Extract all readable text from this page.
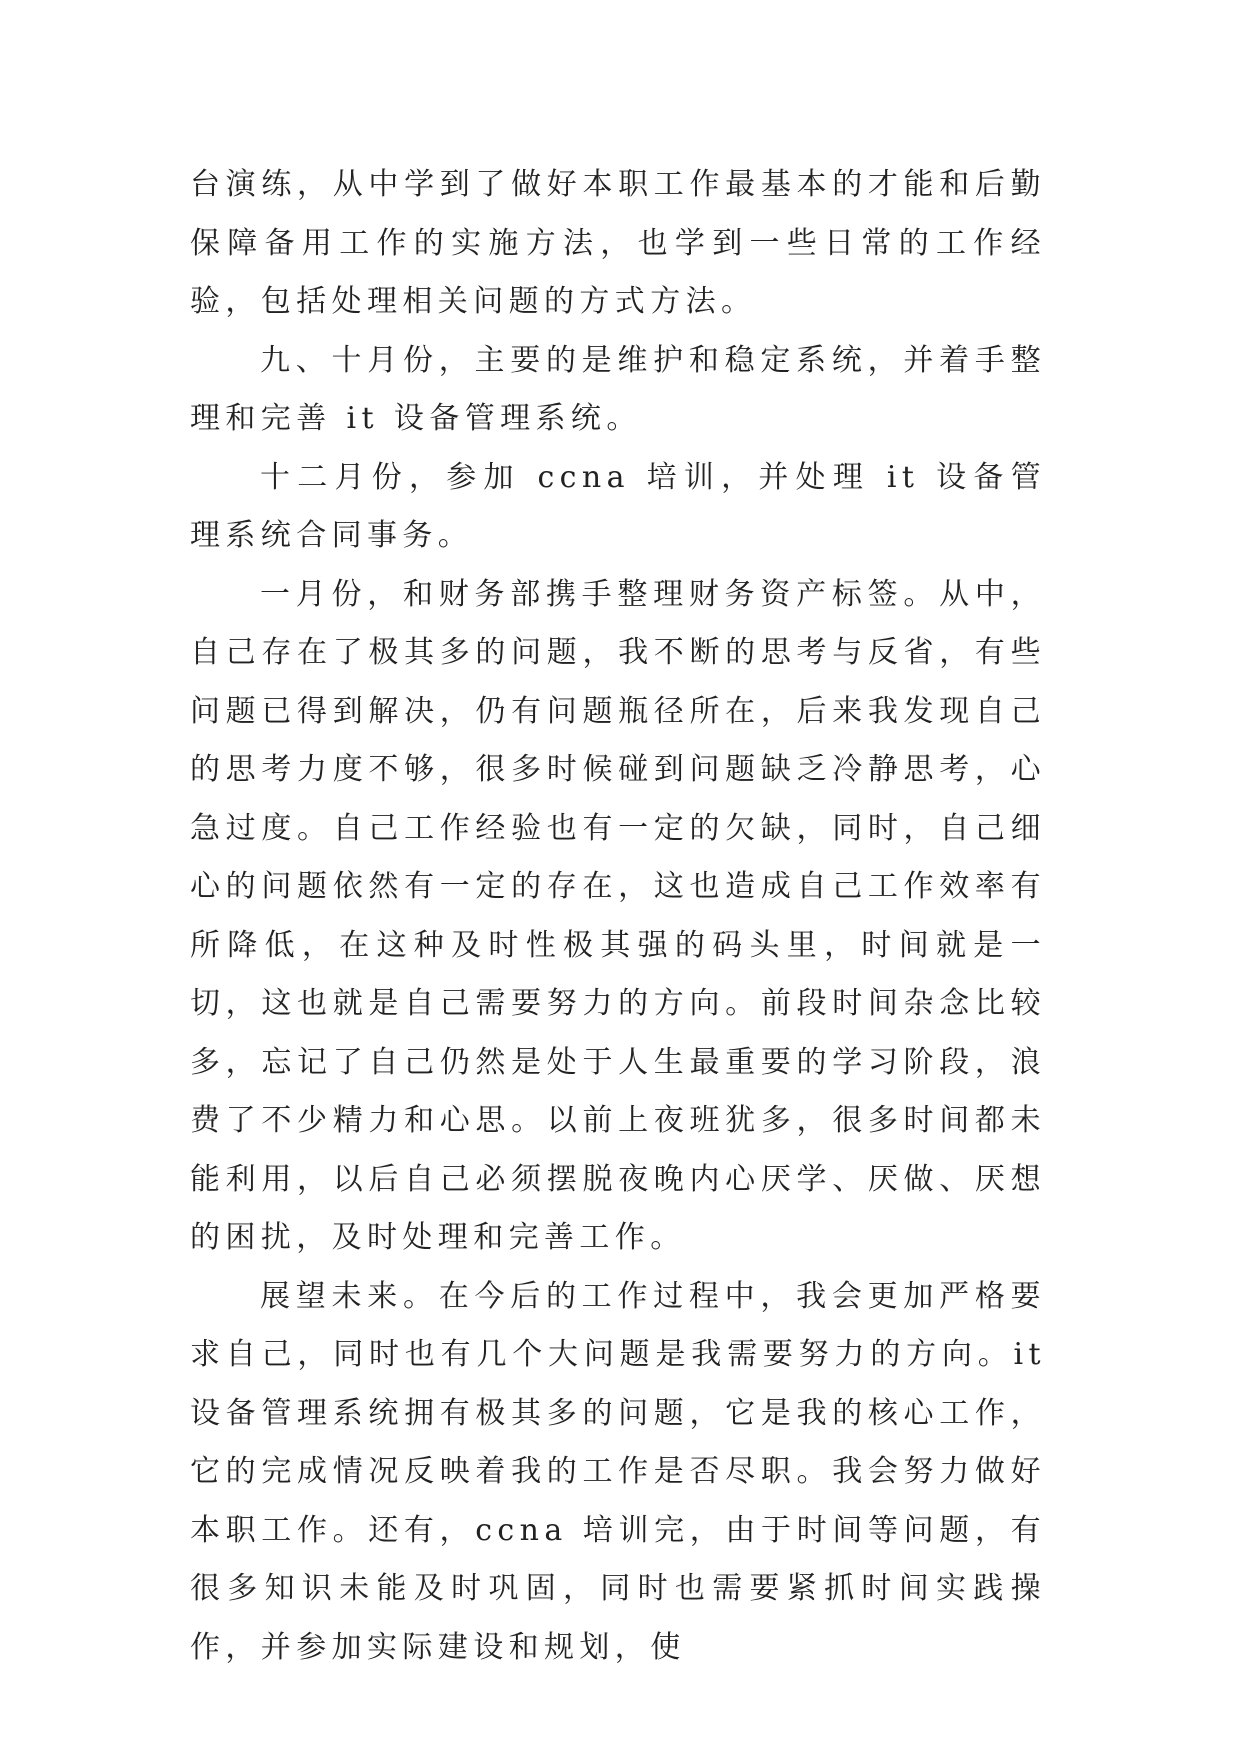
台演练，从中学到了做好本职工作最基本的才能和后勤保障备用工作的实施方法，也学到一些日常的工作经验，包括处理相关问题的方式方法。

九、十月份，主要的是维护和稳定系统，并着手整理和完善 it 设备管理系统。

十二月份，参加 ccna 培训，并处理 it 设备管理系统合同事务。

一月份，和财务部携手整理财务资产标签。从中，自己存在了极其多的问题，我不断的思考与反省，有些问题已得到解决，仍有问题瓶径所在，后来我发现自己的思考力度不够，很多时候碰到问题缺乏冷静思考，心急过度。自己工作经验也有一定的欠缺，同时，自己细心的问题依然有一定的存在，这也造成自己工作效率有所降低，在这种及时性极其强的码头里，时间就是一切，这也就是自己需要努力的方向。前段时间杂念比较多，忘记了自己仍然是处于人生最重要的学习阶段，浪费了不少精力和心思。以前上夜班犹多，很多时间都未能利用，以后自己必须摆脱夜晚内心厌学、厌做、厌想的困扰，及时处理和完善工作。

展望未来。在今后的工作过程中，我会更加严格要求自己，同时也有几个大问题是我需要努力的方向。it 设备管理系统拥有极其多的问题，它是我的核心工作，它的完成情况反映着我的工作是否尽职。我会努力做好本职工作。还有，ccna 培训完，由于时间等问题，有很多知识未能及时巩固，同时也需要紧抓时间实践操作，并参加实际建设和规划，使
